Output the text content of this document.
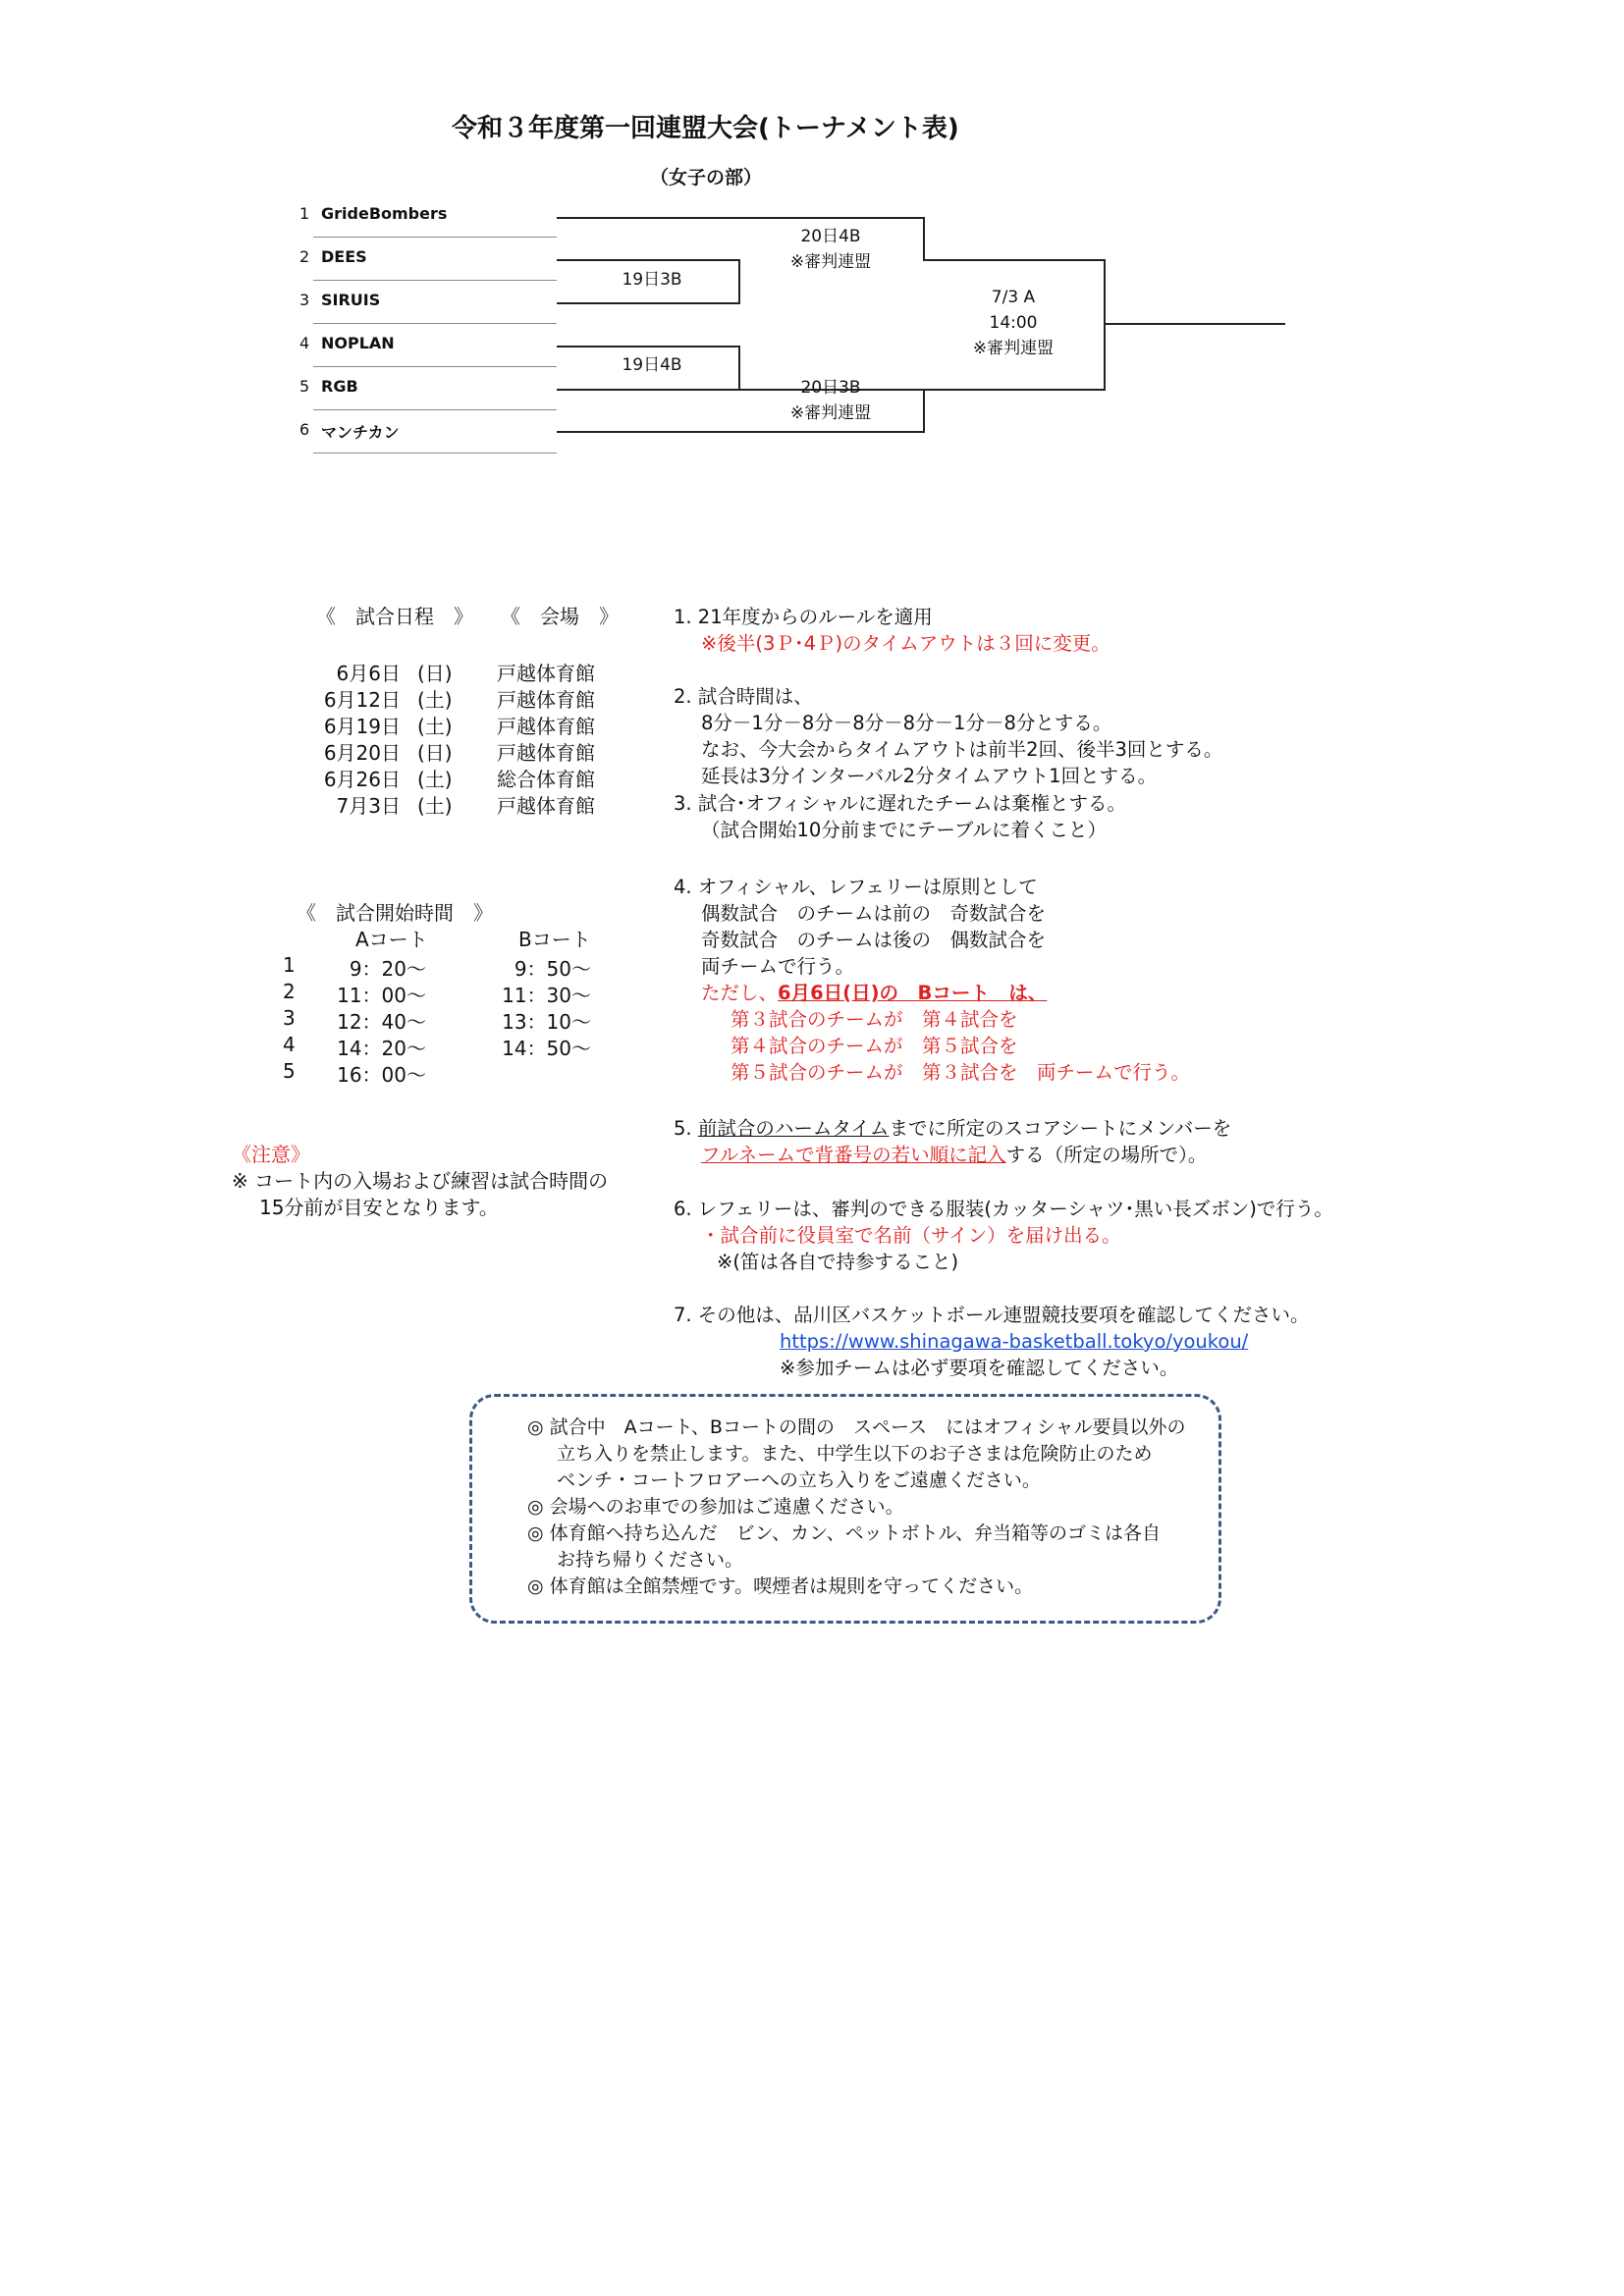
令和３年度第一回連盟大会(トーナメント表)
（女子の部）
1 GrideBombers
2 DEES
3 SIRUIS
4 NOPLAN
5 RGB
6 マンチカン
19日3B
19日4B
20日4B
※審判連盟
20日3B
※審判連盟
7/3 A
14:00
※審判連盟
《　試合日程　》 《　会場　》
6月6日 (日) 戸越体育館
6月12日 (土) 戸越体育館
6月19日 (土) 戸越体育館
6月20日 (日) 戸越体育館
6月26日 (土) 総合体育館
7月3日 (土) 戸越体育館
《　試合開始時間　》
Aコート	Bコート
1	9：20～	9：50～
2 11：00～	11：30～
3 12：40～	13：10～
4 14：20～	14：50～
5 16：00～
《注意》
※ コート内の入場および練習は試合時間の
15分前が目安となります。
1. 21年度からのルールを適用
※後半(3Ｐ･4Ｐ)のタイムアウトは３回に変更。
2. 試合時間は、
8分－1分－8分－8分－8分－1分－8分とする。
なお、今大会からタイムアウトは前半2回、後半3回とする。
延長は3分インターバル2分タイムアウト1回とする。
3. 試合･オフィシャルに遅れたチームは棄権とする。
（試合開始10分前までにテーブルに着くこと）
4. オフィシャル、レフェリーは原則として
偶数試合　のチームは前の　奇数試合を
奇数試合　のチームは後の　偶数試合を
両チームで行う。
ただし、6月6日(日)の　Bコート　は、
第３試合のチームが　第４試合を
第４試合のチームが　第５試合を
第５試合のチームが　第３試合を　両チームで行う。
5. 前試合のハームタイムまでに所定のスコアシートにメンバーを
フルネームで背番号の若い順に記入する（所定の場所で）。
6. レフェリーは、審判のできる服装(カッターシャツ･黒い長ズボン)で行う。
・試合前に役員室で名前（サイン）を届け出る。
※(笛は各自で持参すること)
7. その他は、品川区バスケットボール連盟競技要項を確認してください。
https://www.shinagawa-basketball.tokyo/youkou/
※参加チームは必ず要項を確認してください。
◎ 試合中　Aコート、Bコートの間の　スペース　にはオフィシャル要員以外の
立ち入りを禁止します。また、中学生以下のお子さまは危険防止のため
ベンチ・コートフロアーへの立ち入りをご遠慮ください。
◎ 会場へのお車での参加はご遠慮ください。
◎ 体育館へ持ち込んだ　ビン、カン、ペットボトル、弁当箱等のゴミは各自
お持ち帰りください。
◎ 体育館は全館禁煙です。喫煙者は規則を守ってください。
